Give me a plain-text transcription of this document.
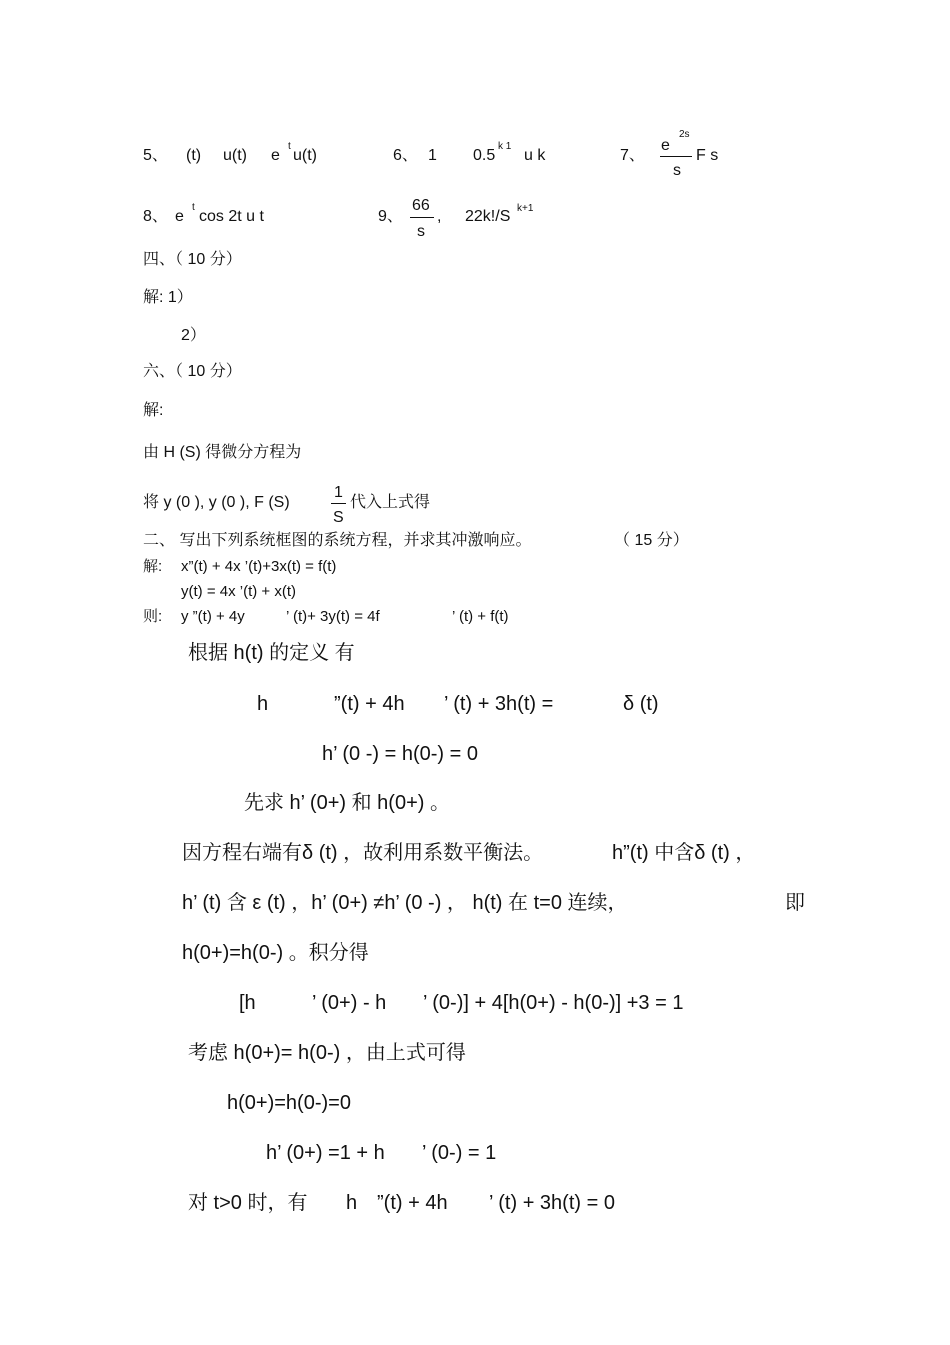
5、 (t) u(t) e
t
u(t)	6、 1 0.5
k 1
u k	7、
e
2s
s
F s
8、 e
t
cos 2t u t	9、
66
s
, 22k!/S k+1
四、（ 10 分）
解: 1）
2）
六、（ 10 分）
解:
由 H (S) 得微分方程为
将 y (0 ), y (0 ), F (S)
1
S
代入上式得
二、 写出下列系统框图的系统方程，并求其冲激响应。	（ 15 分）
解: x”(t) + 4x ’(t)+3x(t) = f(t)
y(t) = 4x ’(t) + x(t)
则: y ”(t) + 4y	’ (t)+ 3y(t) = 4f	’ (t) + f(t)
根据 h(t) 的定义 有
h	”(t) + 4h ’ (t) + 3h(t) =	δ (t)
h’ (0 -) = h(0-) = 0
先求 h’ (0+) 和 h(0+) 。
因方程右端有δ (t) ，故利用系数平衡法。	h”(t) 中含δ (t) ，
h’ (t) 含 ε (t) ，h’ (0+) ≠h’ (0 -) ， h(t) 在 t=0 连续，	即
h(0+)=h(0-) 。积分得
[h	’ (0+) - h ’ (0-)] + 4[h(0+) - h(0-)] +3 = 1
考虑 h(0+)= h(0-) ，由上式可得
h(0+)=h(0-)=0
h’ (0+) =1 + h ’ (0-) = 1
对 t>0 时，有 h ”(t) + 4h ’ (t) + 3h(t) = 0
